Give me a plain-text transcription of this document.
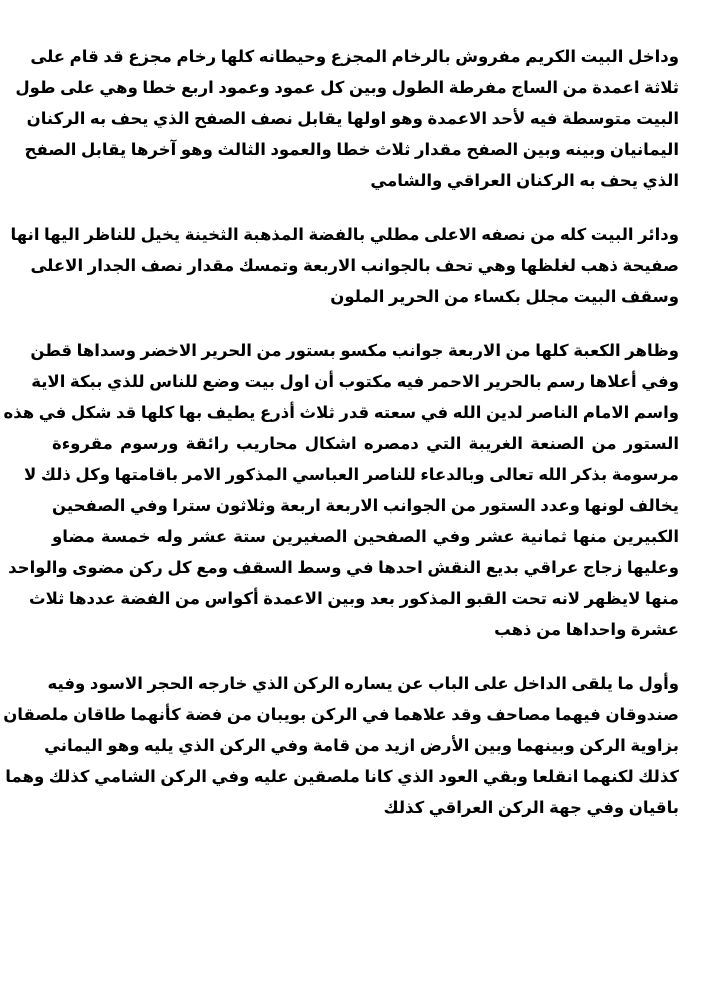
وداخل البيت الكريم مفروش بالرخام المجزع وحيطانه كلها رخام مجزع قد قام على
ثلاثة اعمدة من الساج مفرطة الطول وبين كل عمود وعمود اربع خطا وهي على طول
البيت متوسطة فيه لأحد الاعمدة وهو اولها يقابل نصف الصفح الذي يحف به الركنان
اليمانيان وبينه وبين الصفح مقدار ثلاث خطا والعمود الثالث وهو آخرها يقابل الصفح
الذي يحف به الركنان العراقي والشامي
ودائر البيت كله من نصفه الاعلى مطلي بالفضة المذهبة الثخينة يخيل للناظر اليها انها
صفيحة ذهب لغلظها وهي تحف بالجوانب الاربعة وتمسك مقدار نصف الجدار الاعلى
وسقف البيت مجلل بكساء من الحرير الملون
وظاهر الكعبة كلها من الاربعة جوانب مكسو بستور من الحرير الاخضر وسداها قطن
وفي أعلاها رسم بالحرير الاحمر فيه مكتوب أن اول بيت وضع للناس للذي ببكة الاية
واسم الامام الناصر لدين الله في سعته قدر ثلاث أذرع يطيف بها كلها قد شكل في هذه
الستور من الصنعة الغريبة التي دمصره اشكال محاريب رائقة ورسوم مقروءة
مرسومة بذكر الله تعالى وبالدعاء للناصر العباسي المذكور الامر باقامتها وكل ذلك لا
يخالف لونها وعدد الستور من الجوانب الاربعة اربعة وثلاثون سترا وفي الصفحين
الكبيرين منها ثمانية عشر وفي الصفحين الصغيرين ستة عشر وله خمسة مضاو
وعليها زجاج عراقي بديع النقش احدها في وسط السقف ومع كل ركن مضوى والواحد
منها لايظهر لانه تحت القبو المذكور بعد وبين الاعمدة أكواس من الفضة عددها ثلاث
عشرة واحداها من ذهب
وأول ما يلقى الداخل على الباب عن يساره الركن الذي خارجه الحجر الاسود وفيه
صندوقان فيهما مصاحف وقد علاهما في الركن بويبان من فضة كأنهما طاقان ملصقان
بزاوية الركن وبينهما وبين الأرض ازيد من قامة وفي الركن الذي يليه وهو اليماني
كذلك لكنهما انقلعا وبقي العود الذي كانا ملصقين عليه وفي الركن الشامي كذلك وهما
باقيان وفي جهة الركن العراقي كذلك
